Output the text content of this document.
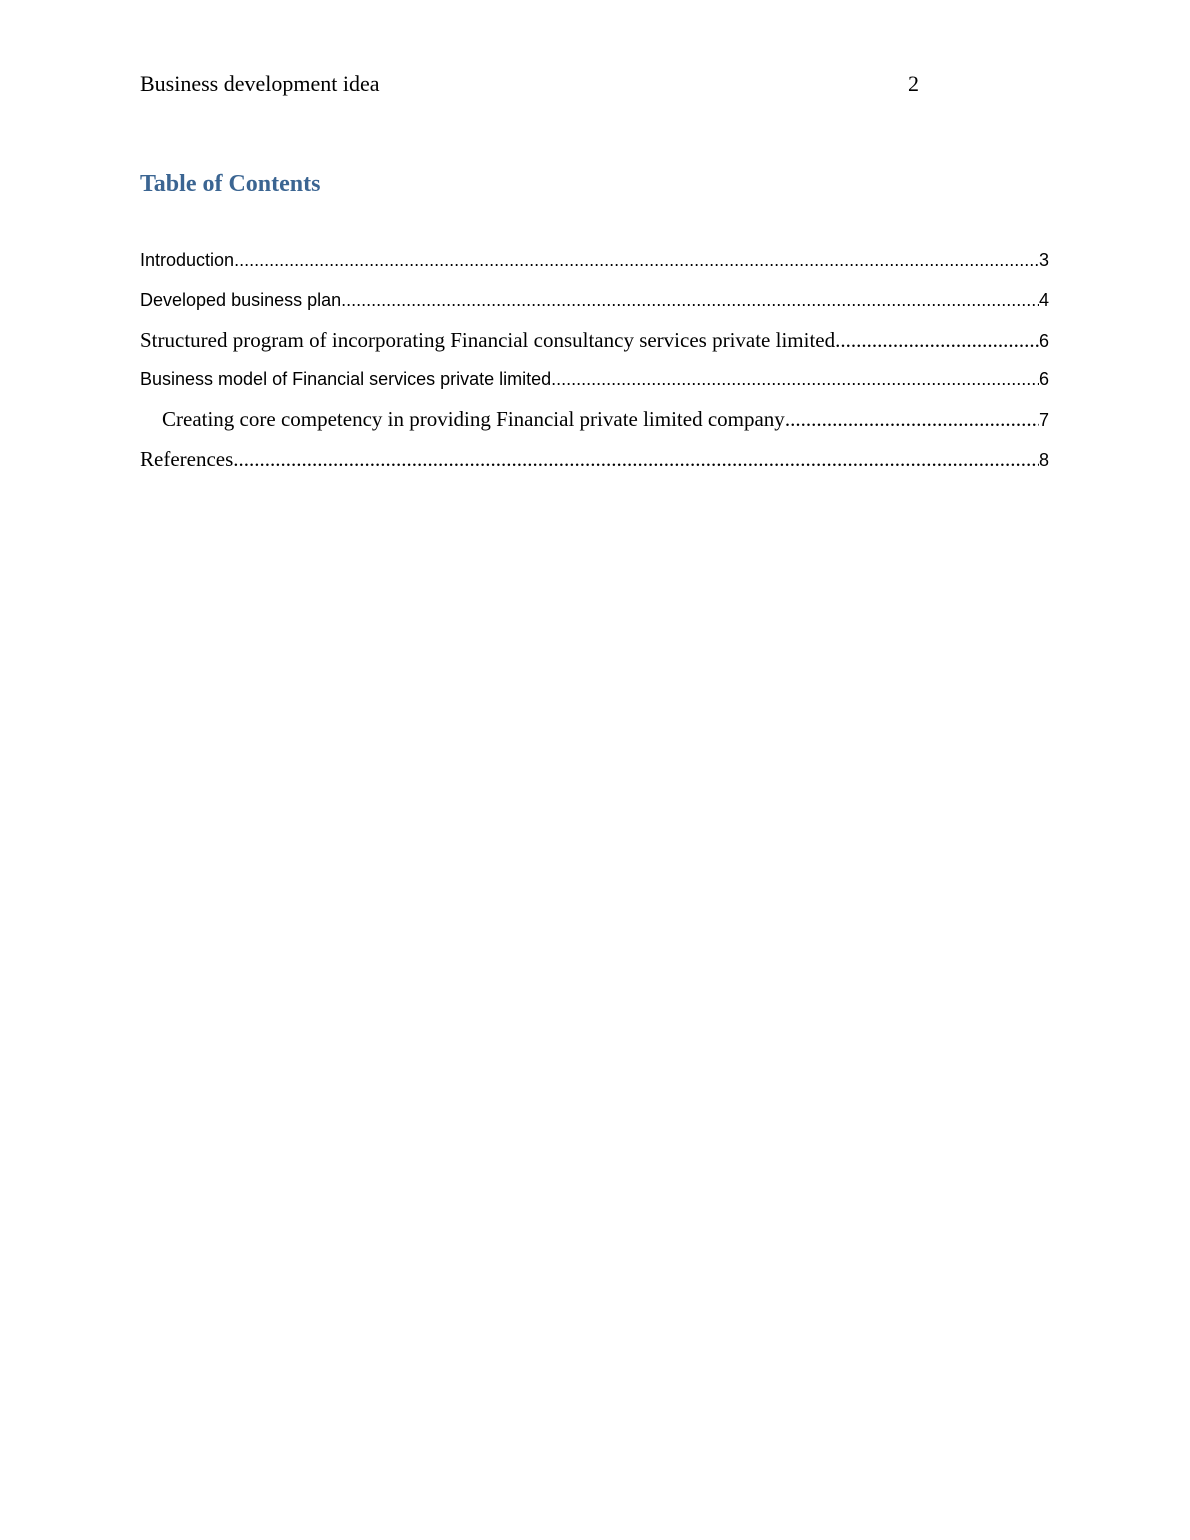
Business development idea	2
Table of Contents
Introduction .....	3
Developed business plan .....	4
Structured program of incorporating Financial consultancy services private limited .....	6
Business model of Financial services private limited .....	6
Creating core competency in providing Financial private limited company .....	7
References .....	8
